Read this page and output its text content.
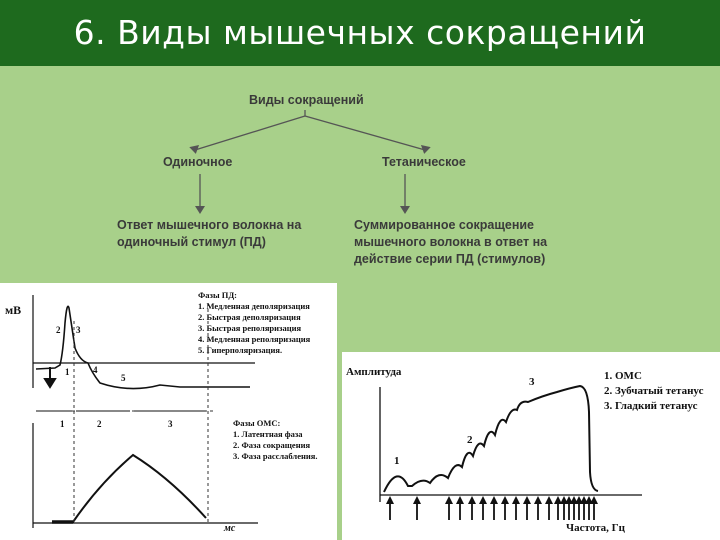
6. Виды мышечных сокращений
Виды сокращений
Одиночное	Тетаническое
Ответ мышечного волокна на
одиночный стимул (ПД)
Суммированное сокращение
мышечного волокна в ответ на
действие серии ПД (стимулов)
мВ
мс
1
2 3
4
5
1	2	3
Фазы ПД:
1. Медленная деполяризация
2. Быстрая деполяризация
3. Быстрая реполяризация
4. Медленная реполяризация
5. Гиперполяризация.
Фазы ОМС:
1. Латентная фаза
2. Фаза сокращения
3. Фаза расслабления.
Амплитуда
Частота, Гц
1
2
3	1. ОМС
2. Зубчатый тетанус
3. Гладкий тетанус
